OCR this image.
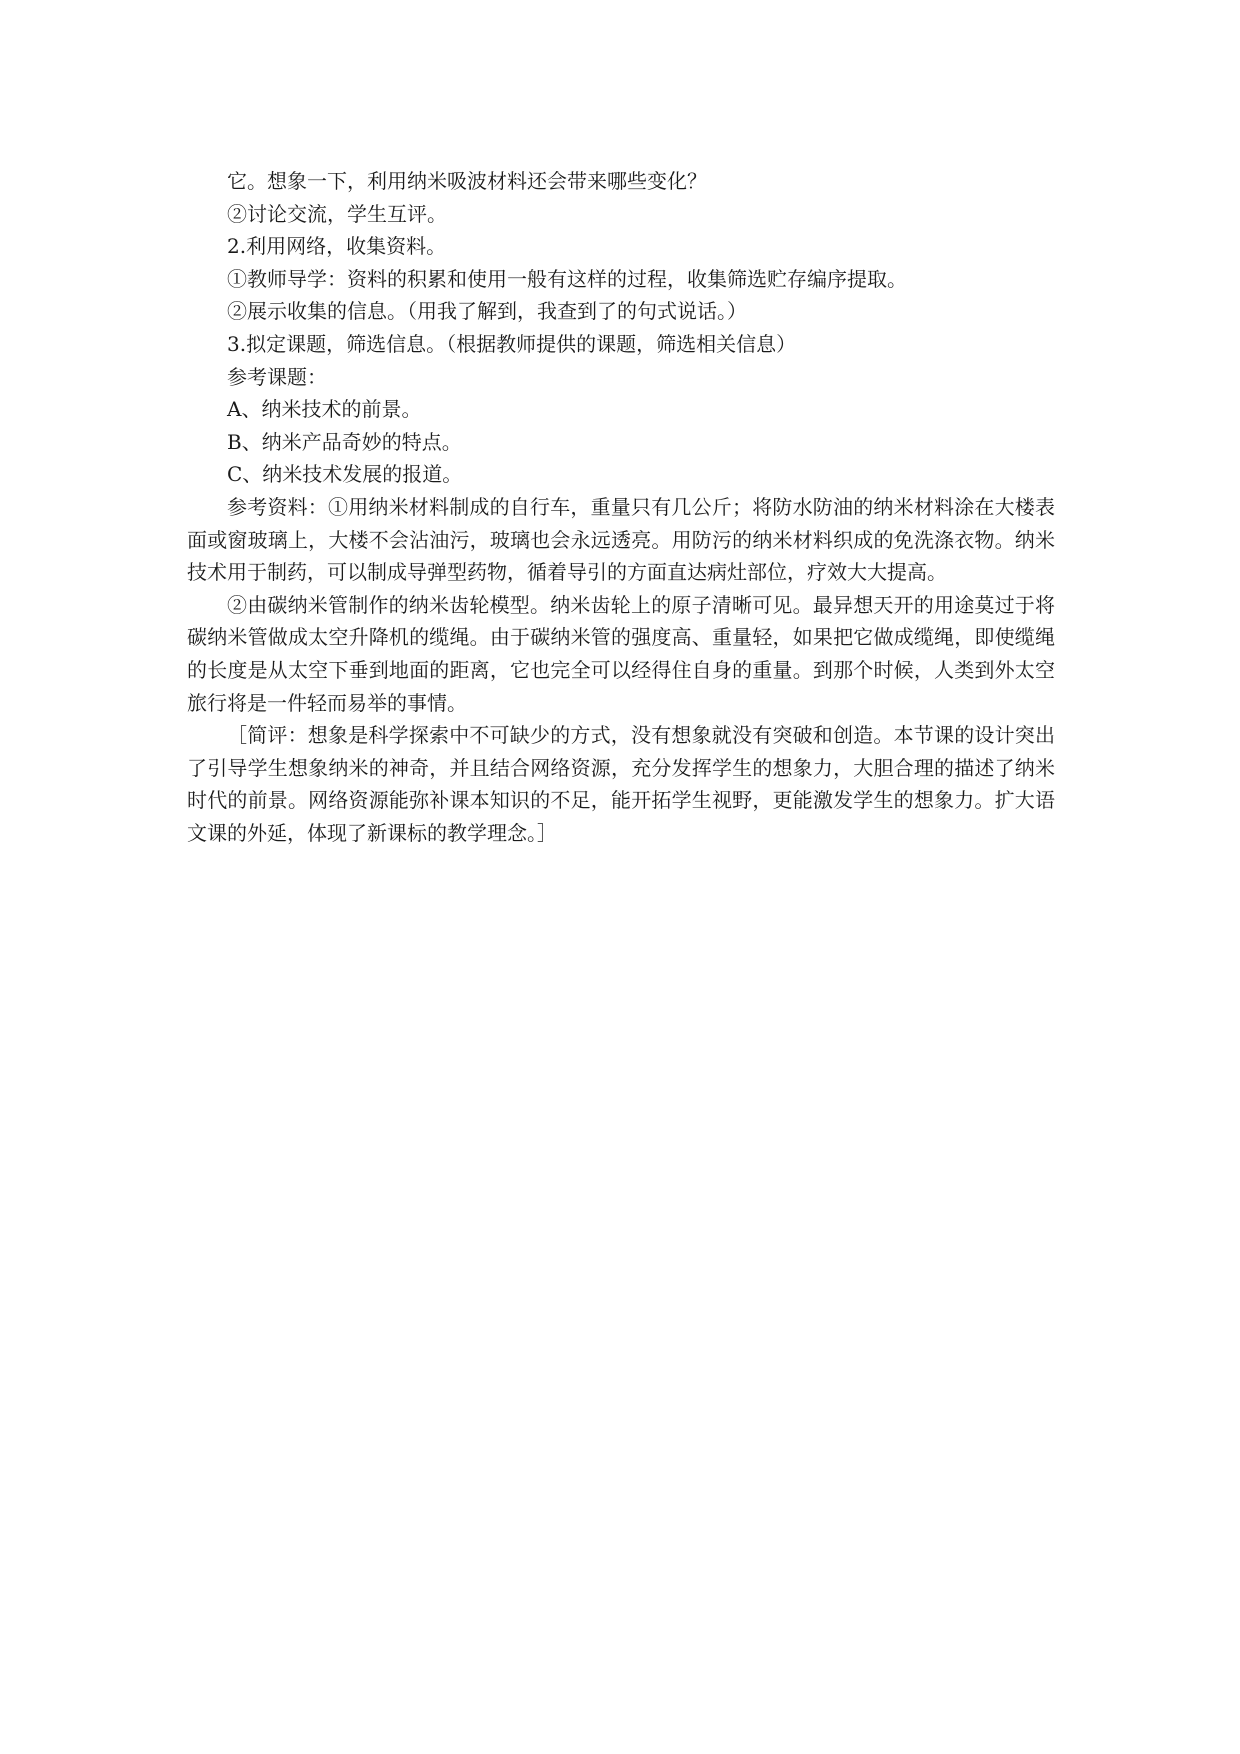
它。想象一下，利用纳米吸波材料还会带来哪些变化？

②讨论交流，学生互评。

2.利用网络，收集资料。

①教师导学：资料的积累和使用一般有这样的过程，收集筛选贮存编序提取。

②展示收集的信息。（用我了解到，我查到了的句式说话。）

3.拟定课题，筛选信息。（根据教师提供的课题，筛选相关信息）

参考课题：

A、纳米技术的前景。

B、纳米产品奇妙的特点。

C、纳米技术发展的报道。

参考资料：①用纳米材料制成的自行车，重量只有几公斤；将防水防油的纳米材料涂在大楼表面或窗玻璃上，大楼不会沾油污，玻璃也会永远透亮。用防污的纳米材料织成的免洗涤衣物。纳米技术用于制药，可以制成导弹型药物，循着导引的方面直达病灶部位，疗效大大提高。

②由碳纳米管制作的纳米齿轮模型。纳米齿轮上的原子清晰可见。最异想天开的用途莫过于将碳纳米管做成太空升降机的缆绳。由于碳纳米管的强度高、重量轻，如果把它做成缆绳，即使缆绳的长度是从太空下垂到地面的距离，它也完全可以经得住自身的重量。到那个时候，人类到外太空旅行将是一件轻而易举的事情。

［简评：想象是科学探索中不可缺少的方式，没有想象就没有突破和创造。本节课的设计突出了引导学生想象纳米的神奇，并且结合网络资源，充分发挥学生的想象力，大胆合理的描述了纳米时代的前景。网络资源能弥补课本知识的不足，能开拓学生视野，更能激发学生的想象力。扩大语文课的外延，体现了新课标的教学理念。］
